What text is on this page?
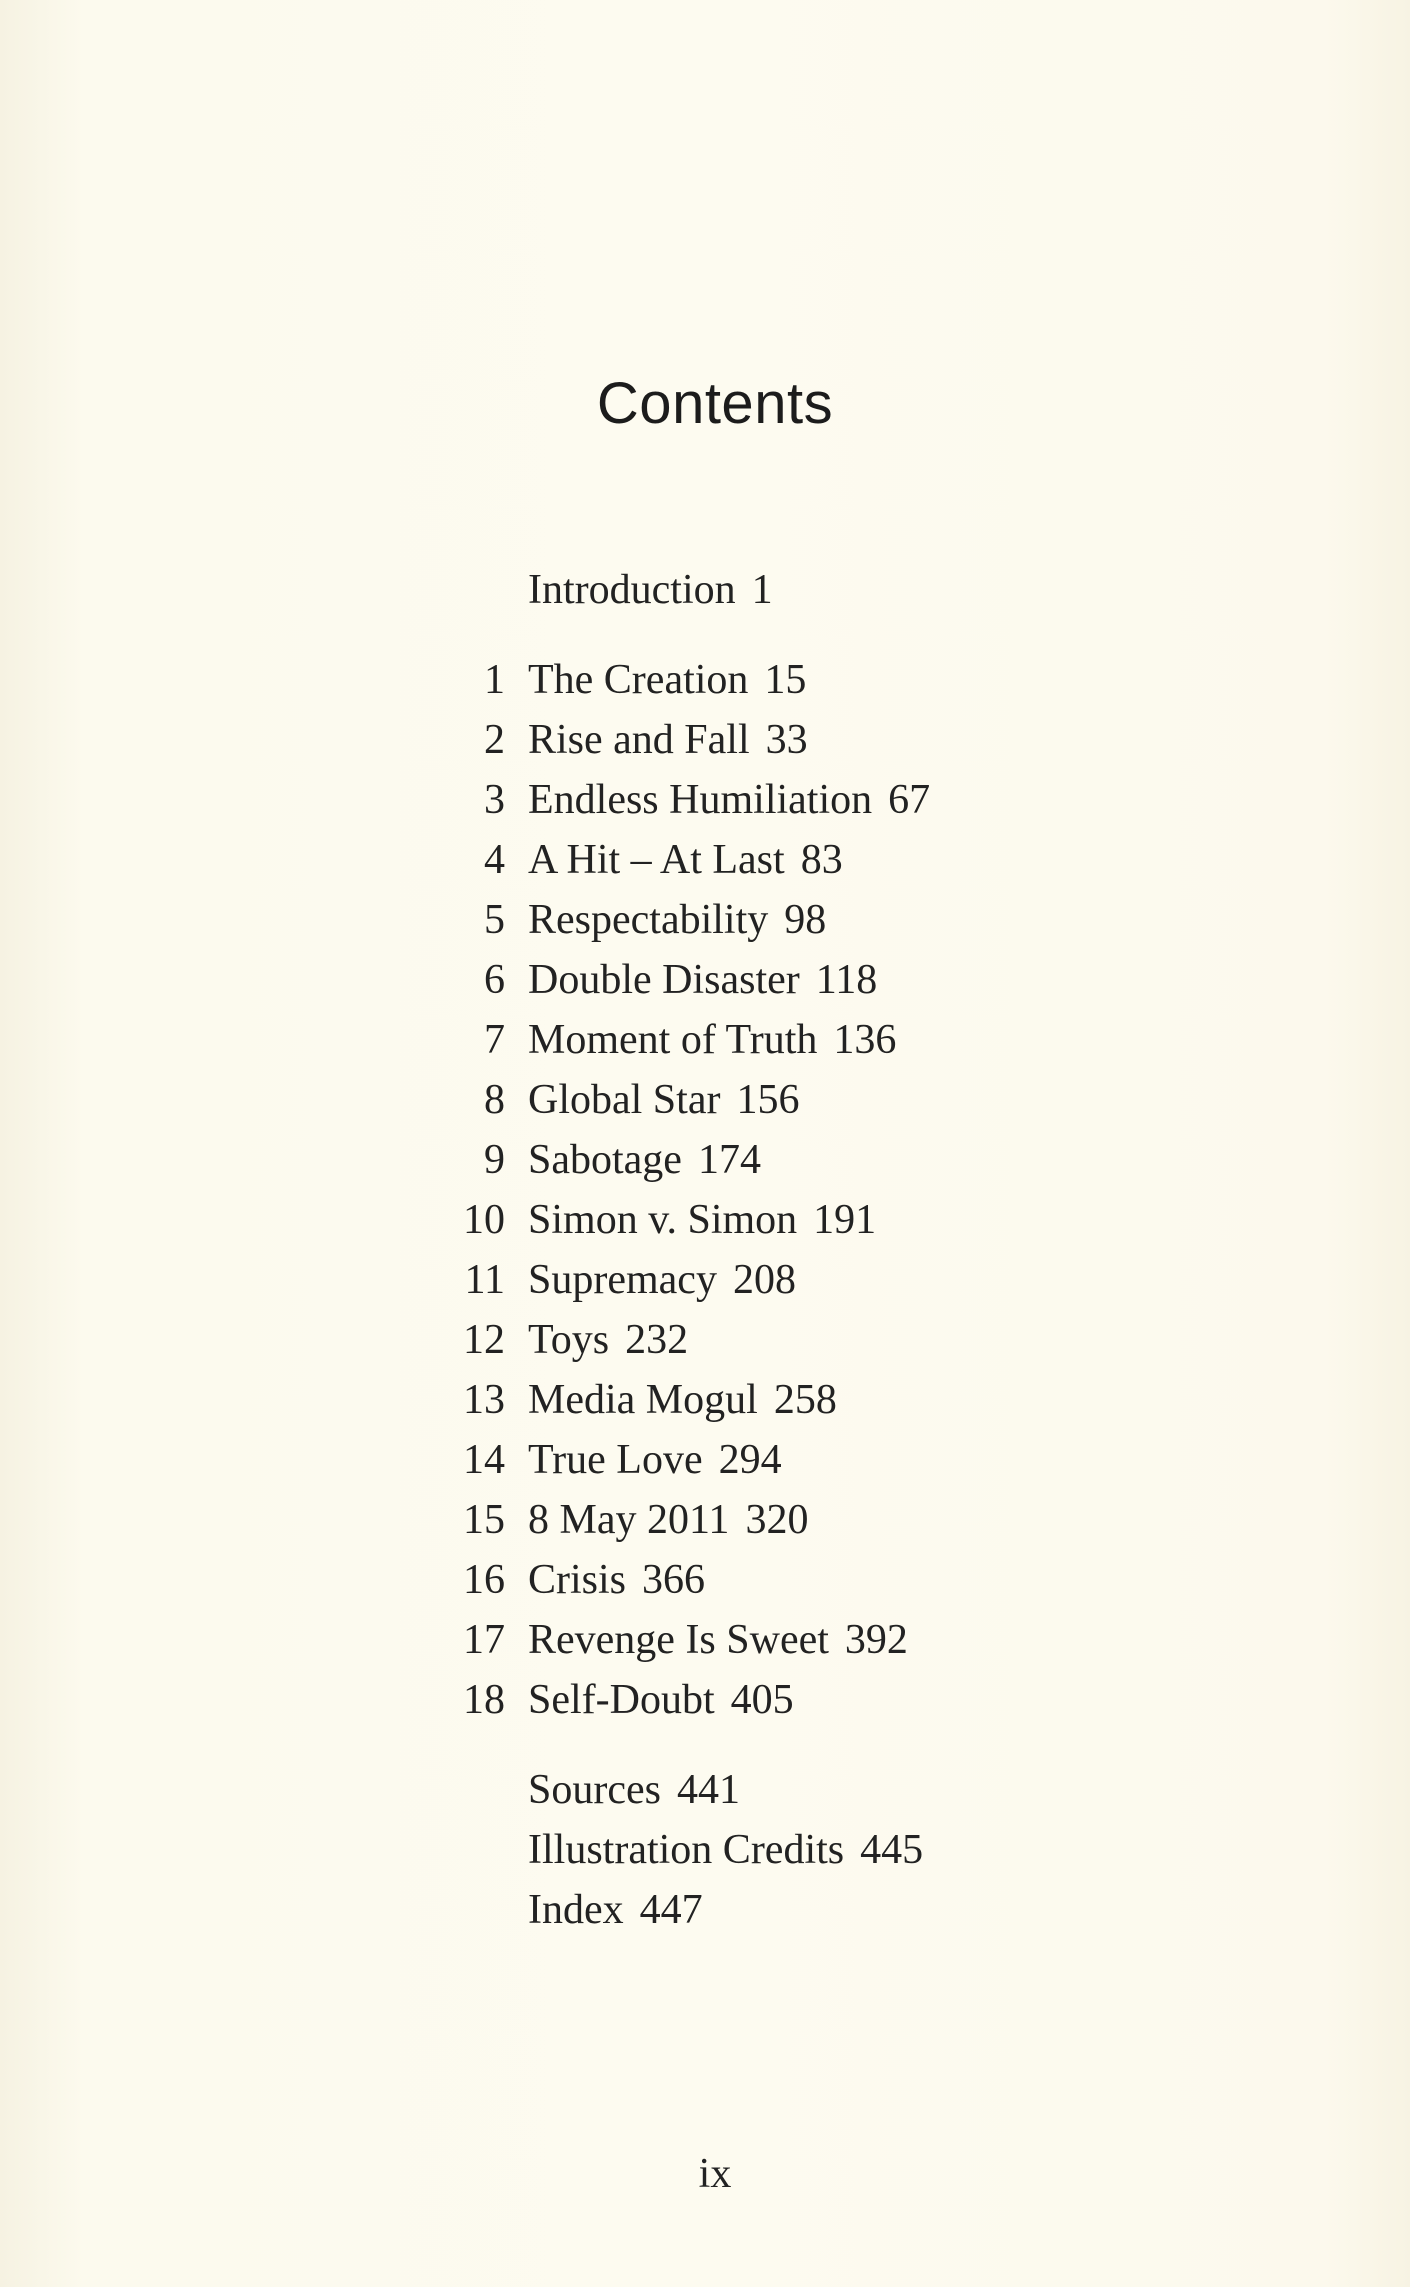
Contents
Introduction 1
1 The Creation 15
2 Rise and Fall 33
3 Endless Humiliation 67
4 A Hit – At Last 83
5 Respectability 98
6 Double Disaster 118
7 Moment of Truth 136
8 Global Star 156
9 Sabotage 174
10 Simon v. Simon 191
11 Supremacy 208
12 Toys 232
13 Media Mogul 258
14 True Love 294
15 8 May 2011 320
16 Crisis 366
17 Revenge Is Sweet 392
18 Self-Doubt 405
Sources 441
Illustration Credits 445
Index 447
ix
